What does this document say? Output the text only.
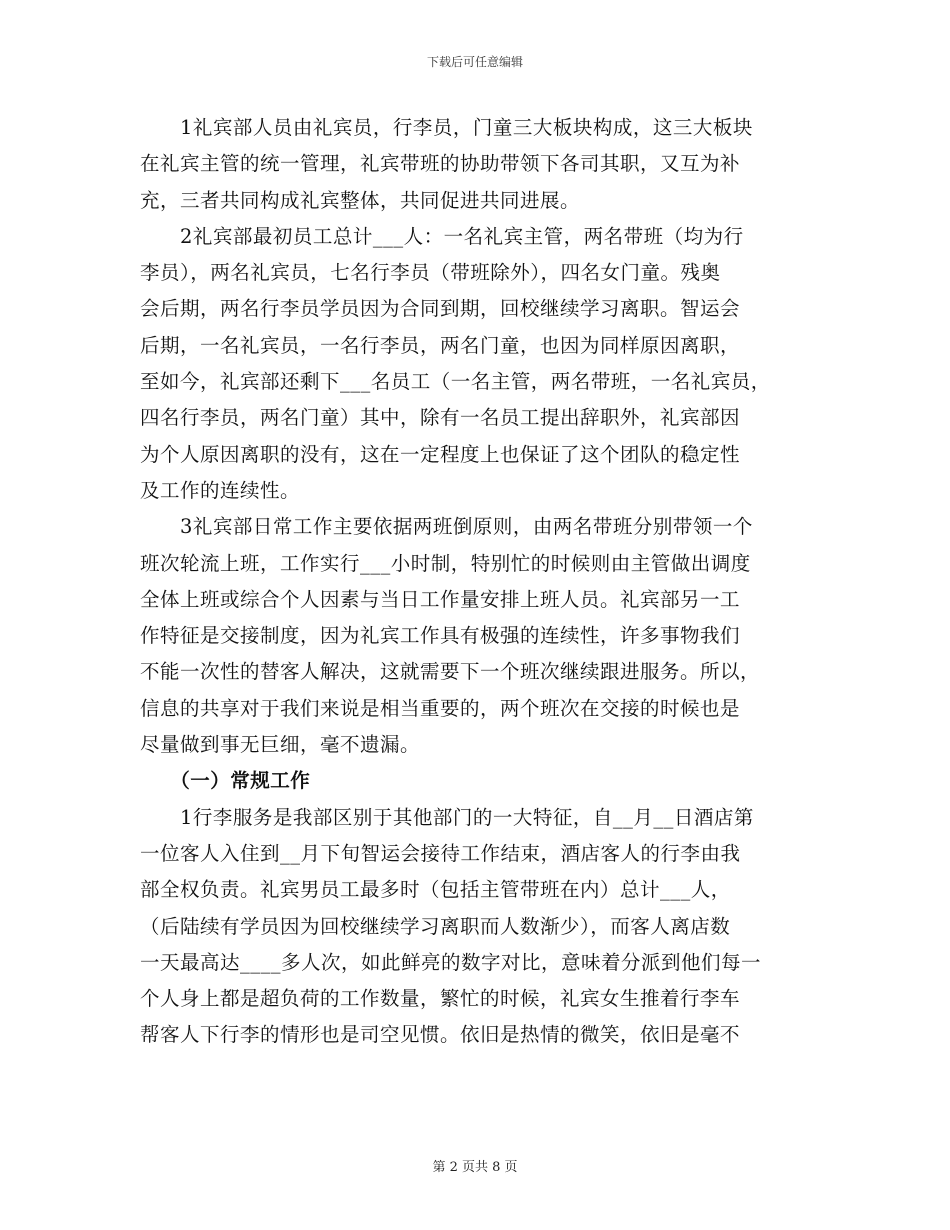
下载后可任意编辑
　　1礼宾部人员由礼宾员，行李员，门童三大板块构成，这三大板块
在礼宾主管的统一管理，礼宾带班的协助带领下各司其职，又互为补
充，三者共同构成礼宾整体，共同促进共同进展。
　　2礼宾部最初员工总计___人：一名礼宾主管，两名带班（均为行
李员），两名礼宾员，七名行李员（带班除外），四名女门童。残奥
会后期，两名行李员学员因为合同到期，回校继续学习离职。智运会
后期，一名礼宾员，一名行李员，两名门童，也因为同样原因离职，
至如今，礼宾部还剩下___名员工（一名主管，两名带班，一名礼宾员，
四名行李员，两名门童）其中，除有一名员工提出辞职外，礼宾部因
为个人原因离职的没有，这在一定程度上也保证了这个团队的稳定性
及工作的连续性。
　　3礼宾部日常工作主要依据两班倒原则，由两名带班分别带领一个
班次轮流上班，工作实行___小时制，特别忙的时候则由主管做出调度
全体上班或综合个人因素与当日工作量安排上班人员。礼宾部另一工
作特征是交接制度，因为礼宾工作具有极强的连续性，许多事物我们
不能一次性的替客人解决，这就需要下一个班次继续跟进服务。所以，
信息的共享对于我们来说是相当重要的，两个班次在交接的时候也是
尽量做到事无巨细，毫不遗漏。
　　（一）常规工作
　　1行李服务是我部区别于其他部门的一大特征，自__月__日酒店第
一位客人入住到__月下旬智运会接待工作结束，酒店客人的行李由我
部全权负责。礼宾男员工最多时（包括主管带班在内）总计___人，
（后陆续有学员因为回校继续学习离职而人数渐少），而客人离店数
一天最高达____多人次，如此鲜亮的数字对比，意味着分派到他们每一
个人身上都是超负荷的工作数量，繁忙的时候，礼宾女生推着行李车
帮客人下行李的情形也是司空见惯。依旧是热情的微笑，依旧是毫不
第 2 页共 8 页
